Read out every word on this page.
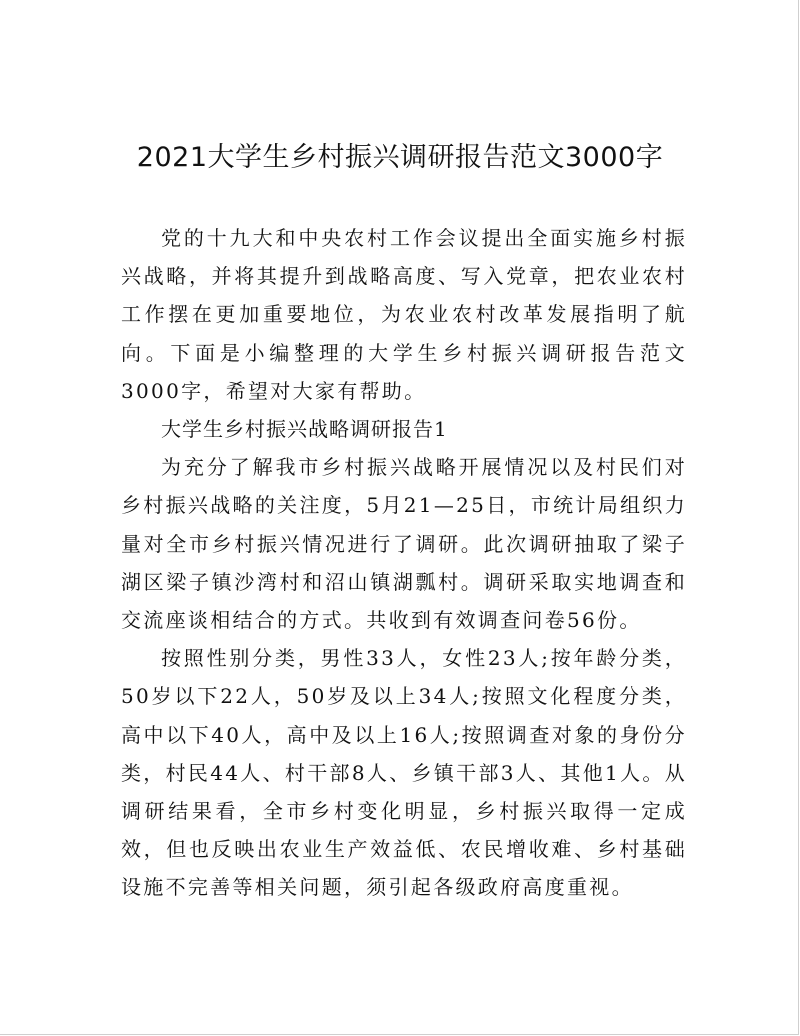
2021大学生乡村振兴调研报告范文3000字

党的十九大和中央农村工作会议提出全面实施乡村振兴战略，并将其提升到战略高度、写入党章，把农业农村工作摆在更加重要地位，为农业农村改革发展指明了航向。下面是小编整理的大学生乡村振兴调研报告范文3000字，希望对大家有帮助。

大学生乡村振兴战略调研报告1

为充分了解我市乡村振兴战略开展情况以及村民们对乡村振兴战略的关注度，5月21—25日，市统计局组织力量对全市乡村振兴情况进行了调研。此次调研抽取了梁子湖区梁子镇沙湾村和沼山镇湖瓢村。调研采取实地调查和交流座谈相结合的方式。共收到有效调查问卷56份。

按照性别分类，男性33人，女性23人;按年龄分类，50岁以下22人，50岁及以上34人;按照文化程度分类，高中以下40人，高中及以上16人;按照调查对象的身份分类，村民44人、村干部8人、乡镇干部3人、其他1人。从调研结果看，全市乡村变化明显，乡村振兴取得一定成效，但也反映出农业生产效益低、农民增收难、乡村基础设施不完善等相关问题，须引起各级政府高度重视。
